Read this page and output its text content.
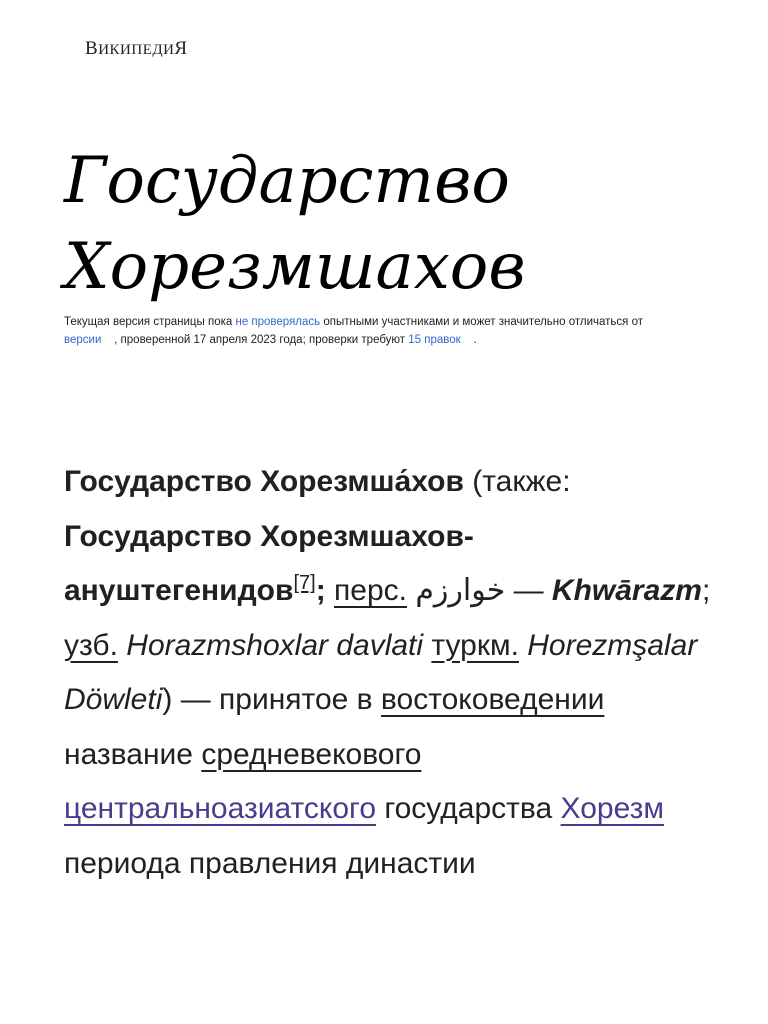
ВИКИПЕДИЯ
Государство Хорезмшахов
Текущая версия страницы пока не проверялась опытными участниками и может значительно отличаться от
версии    , проверенной 17 апреля 2023 года; проверки требуют 15 правок    .

Государство Хорезмша́хов (также: Государство Хорезмшахов-ануштегенидов[7]; перс. خوارزم — Khwārazm; узб. Horazmshoxlar davlati туркм. Horezmşalar Döwleti) — принятое в востоковедении название средневекового центральноазиатского государства Хорезм периода правления династии
